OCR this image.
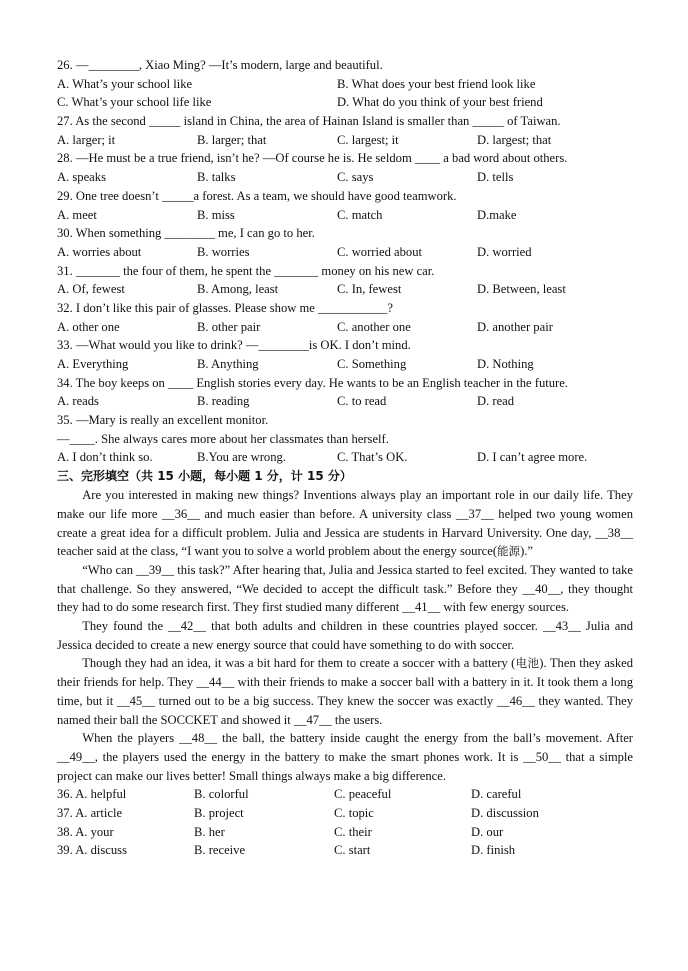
26. —________, Xiao Ming? —It’s modern, large and beautiful.
A. What’s your school like	B. What does your best friend look like
C. What’s your school life like	D. What do you think of your best friend
27. As the second _____ island in China, the area of Hainan Island is smaller than _____ of Taiwan.
A. larger; it	B. larger; that	C. largest; it	D. largest; that
28. —He must be a true friend, isn’t he? —Of course he is. He seldom ____ a bad word about others.
A. speaks	B. talks	C. says	D. tells
29. One tree doesn’t _____a forest. As a team, we should have good teamwork.
A. meet	B. miss	C. match	D.make
30. When something ________ me, I can go to her.
A. worries about	B. worries	C. worried about	D. worried
31. _______ the four of them, he spent the _______ money on his new car.
A. Of, fewest	B. Among, least	C. In, fewest	D. Between, least
32. I don’t like this pair of glasses. Please show me ___________?
A. other one	B. other pair	C. another one	D. another pair
33. —What would you like to drink? —________is OK. I don’t mind.
A. Everything	B. Anything	C. Something	D. Nothing
34. The boy keeps on ____ English stories every day. He wants to be an English teacher in the future.
A. reads	B. reading	C. to read	D. read
35. —Mary is really an excellent monitor.
—____. She always cares more about her classmates than herself.
A. I don’t think so.	B.You are wrong.	C. That’s OK.	D. I can’t agree more.
三、完形填空（共 15 小题，每小题 1 分，计 15 分）

Are you interested in making new things? Inventions always play an important role in our daily life. They make our life more __36__ and much easier than before. A university class __37__ helped two young women create a great idea for a difficult problem. Julia and Jessica are students in Harvard University. One day, __38__ teacher said at the class, “I want you to solve a world problem about the energy source(能源).”

“Who can __39__ this task?” After hearing that, Julia and Jessica started to feel excited. They wanted to take that challenge. So they answered, “We decided to accept the difficult task.” Before they __40__, they thought they had to do some research first. They first studied many different __41__ with few energy sources.

They found the __42__ that both adults and children in these countries played soccer. __43__ Julia and Jessica decided to create a new energy source that could have something to do with soccer.

Though they had an idea, it was a bit hard for them to create a soccer with a battery (电池). Then they asked their friends for help. They __44__ with their friends to make a soccer ball with a battery in it. It took them a long time, but it __45__ turned out to be a big success. They knew the soccer was exactly __46__ they wanted. They named their ball the SOCCKET and showed it __47__ the users.

When the players __48__ the ball, the battery inside caught the energy from the ball’s movement. After __49__, the players used the energy in the battery to make the smart phones work. It is __50__ that a simple project can make our lives better! Small things always make a big difference.

36. A. helpful	B. colorful	C. peaceful	D. careful
37. A. article	B. project	C. topic	D. discussion
38. A. your	B. her	C. their	D. our
39. A. discuss	B. receive	C. start	D. finish
